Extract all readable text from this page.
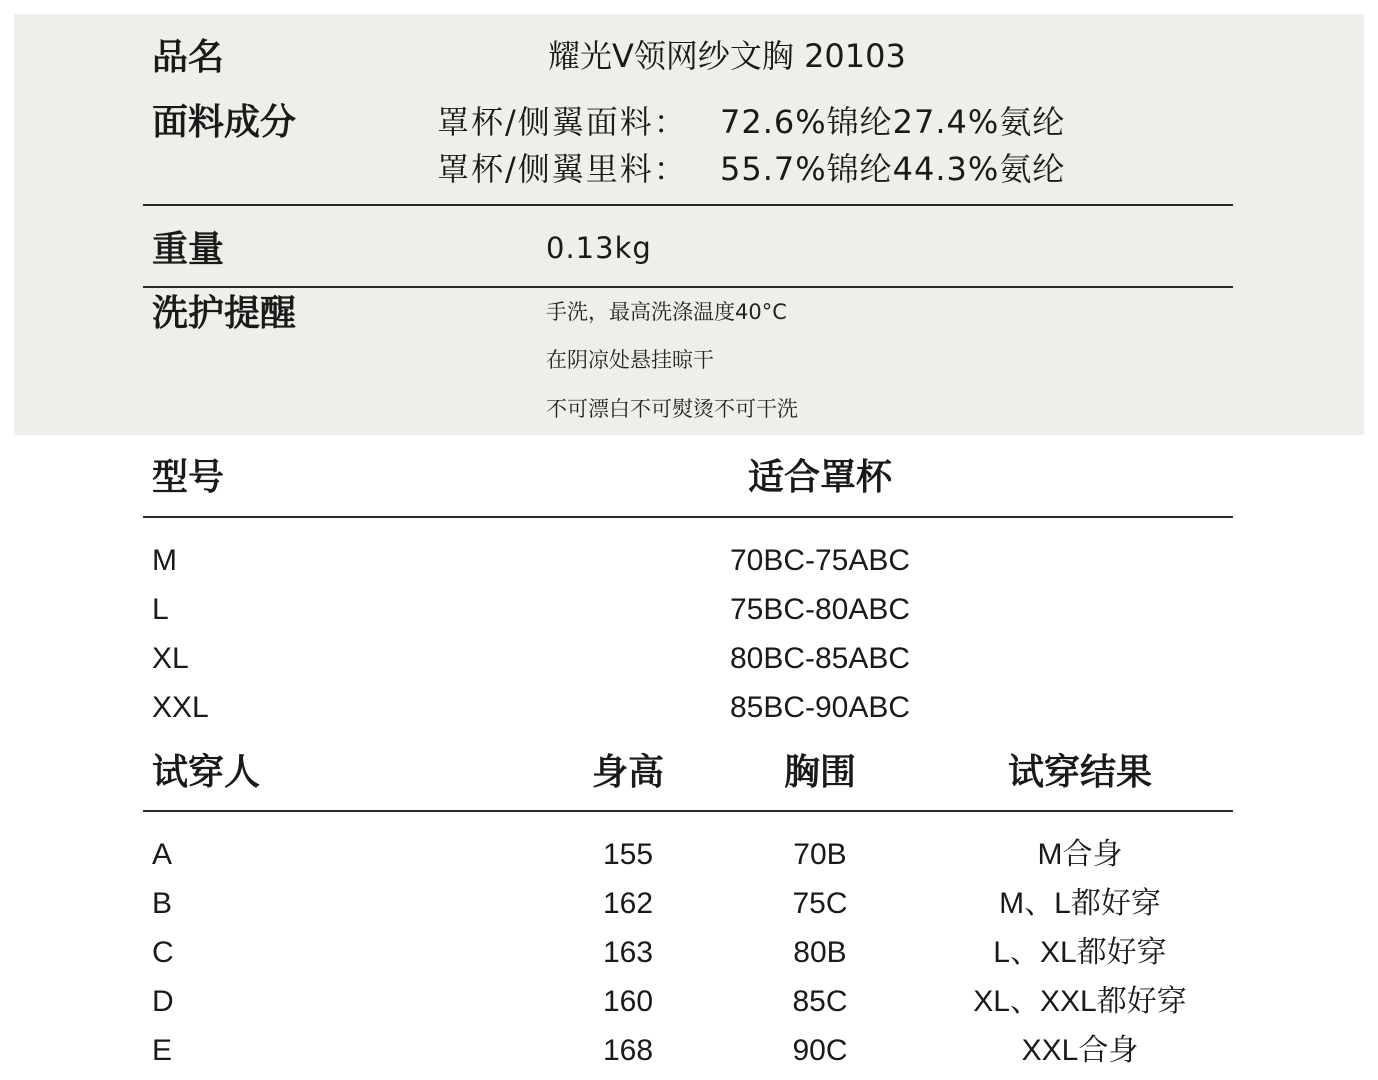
品名	耀光V领网纱文胸 20103
面料成分	罩杯/侧翼面料： 72.6%锦纶27.4%氨纶
罩杯/侧翼里料： 55.7%锦纶44.3%氨纶
重量	0.13kg
洗护提醒	手洗，最高洗涤温度40°C
在阴凉处悬挂晾干
不可漂白不可熨烫不可干洗
型号	适合罩杯
M	70BC-75ABC
L	75BC-80ABC
XL	80BC-85ABC
XXL	85BC-90ABC
试穿人	身高	胸围	试穿结果
A	155	70B	M合身
B	162	75C	M、L都好穿
C	163	80B	L、XL都好穿
D	160	85C	XL、XXL都好穿
E	168	90C	XXL合身
